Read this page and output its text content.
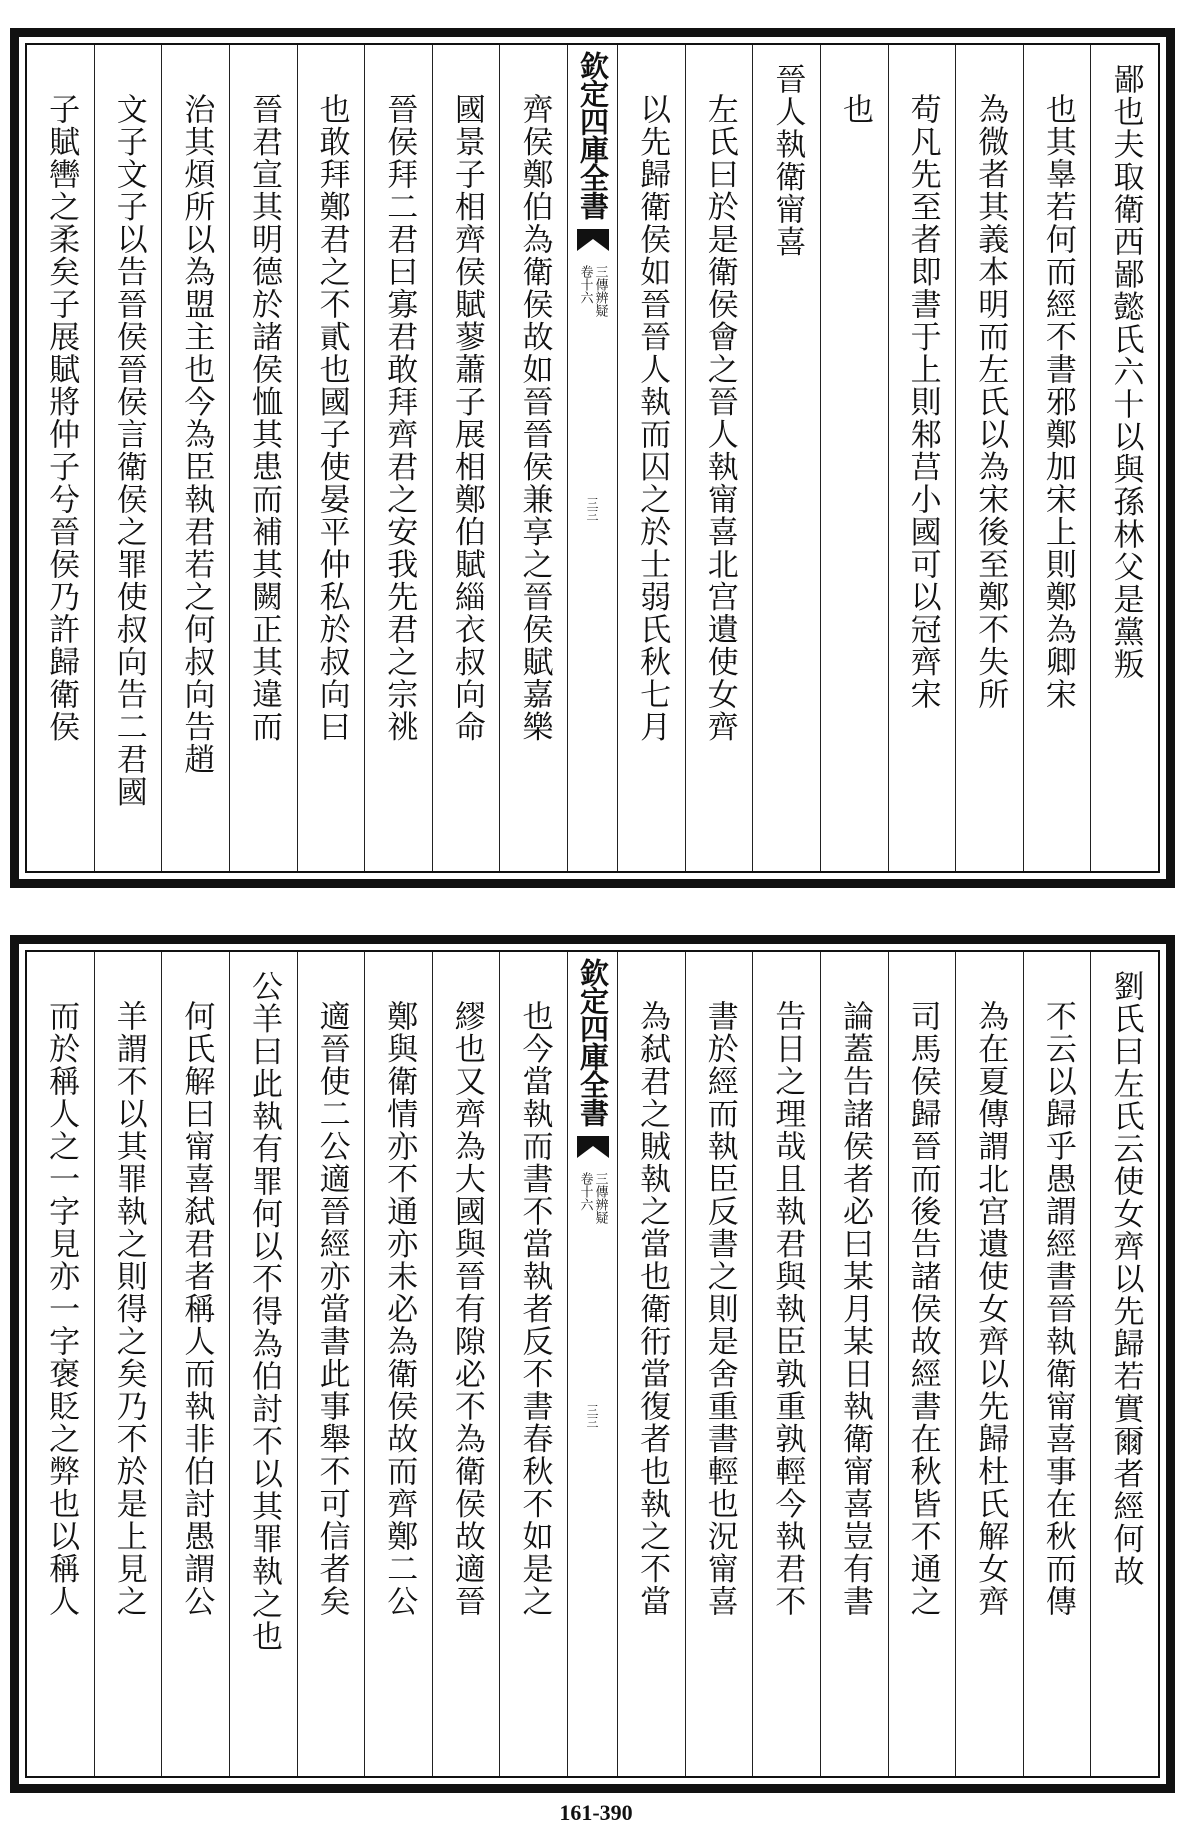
鄙也夫取衛西鄙懿氏六十以與孫林父是黨叛
也其辠若何而經不書邪鄭加宋上則鄭為卿宋
為微者其義本明而左氏以為宋後至鄭不失所
苟凡先至者即書于上則邾莒小國可以冠齊宋
也
晉人執衛甯喜
左氏曰於是衛侯會之晉人執甯喜北宫遺使女齊
以先歸衛侯如晉晉人執而囚之於士弱氏秋七月
欽定四庫全書
三傳辨疑
卷十六
三三
齊侯鄭伯為衛侯故如晉晉侯兼享之晉侯賦嘉樂
國景子相齊侯賦蓼蕭子展相鄭伯賦緇衣叔向命
晉侯拜二君曰寡君敢拜齊君之安我先君之宗祧
也敢拜鄭君之不貳也國子使晏平仲私於叔向曰
晉君宣其明德於諸侯恤其患而補其闕正其違而
治其煩所以為盟主也今為臣執君若之何叔向告趙
文子文子以告晉侯晉侯言衛侯之罪使叔向告二君國
子賦轡之柔矣子展賦將仲子兮晉侯乃許歸衛侯
劉氏曰左氏云使女齊以先歸若實爾者經何故
不云以歸乎愚謂經書晉執衛甯喜事在秋而傳
為在夏傳謂北宫遺使女齊以先歸杜氏解女齊
司馬侯歸晉而後告諸侯故經書在秋皆不通之
論蓋告諸侯者必曰某月某日執衛甯喜豈有書
告日之理哉且執君與執臣孰重孰輕今執君不
書於經而執臣反書之則是舍重書輕也況甯喜
為弑君之賊執之當也衛衎當復者也執之不當
欽定四庫全書
三傳辨疑
卷十六
三三
也今當執而書不當執者反不書春秋不如是之
繆也又齊為大國與晉有隙必不為衛侯故適晉
鄭與衛情亦不通亦未必為衛侯故而齊鄭二公
適晉使二公適晉經亦當書此事舉不可信者矣
公羊曰此執有罪何以不得為伯討不以其罪執之也
何氏解曰甯喜弑君者稱人而執非伯討愚謂公
羊謂不以其罪執之則得之矣乃不於是上見之
而於稱人之一字見亦一字褒貶之弊也以稱人
161-390
